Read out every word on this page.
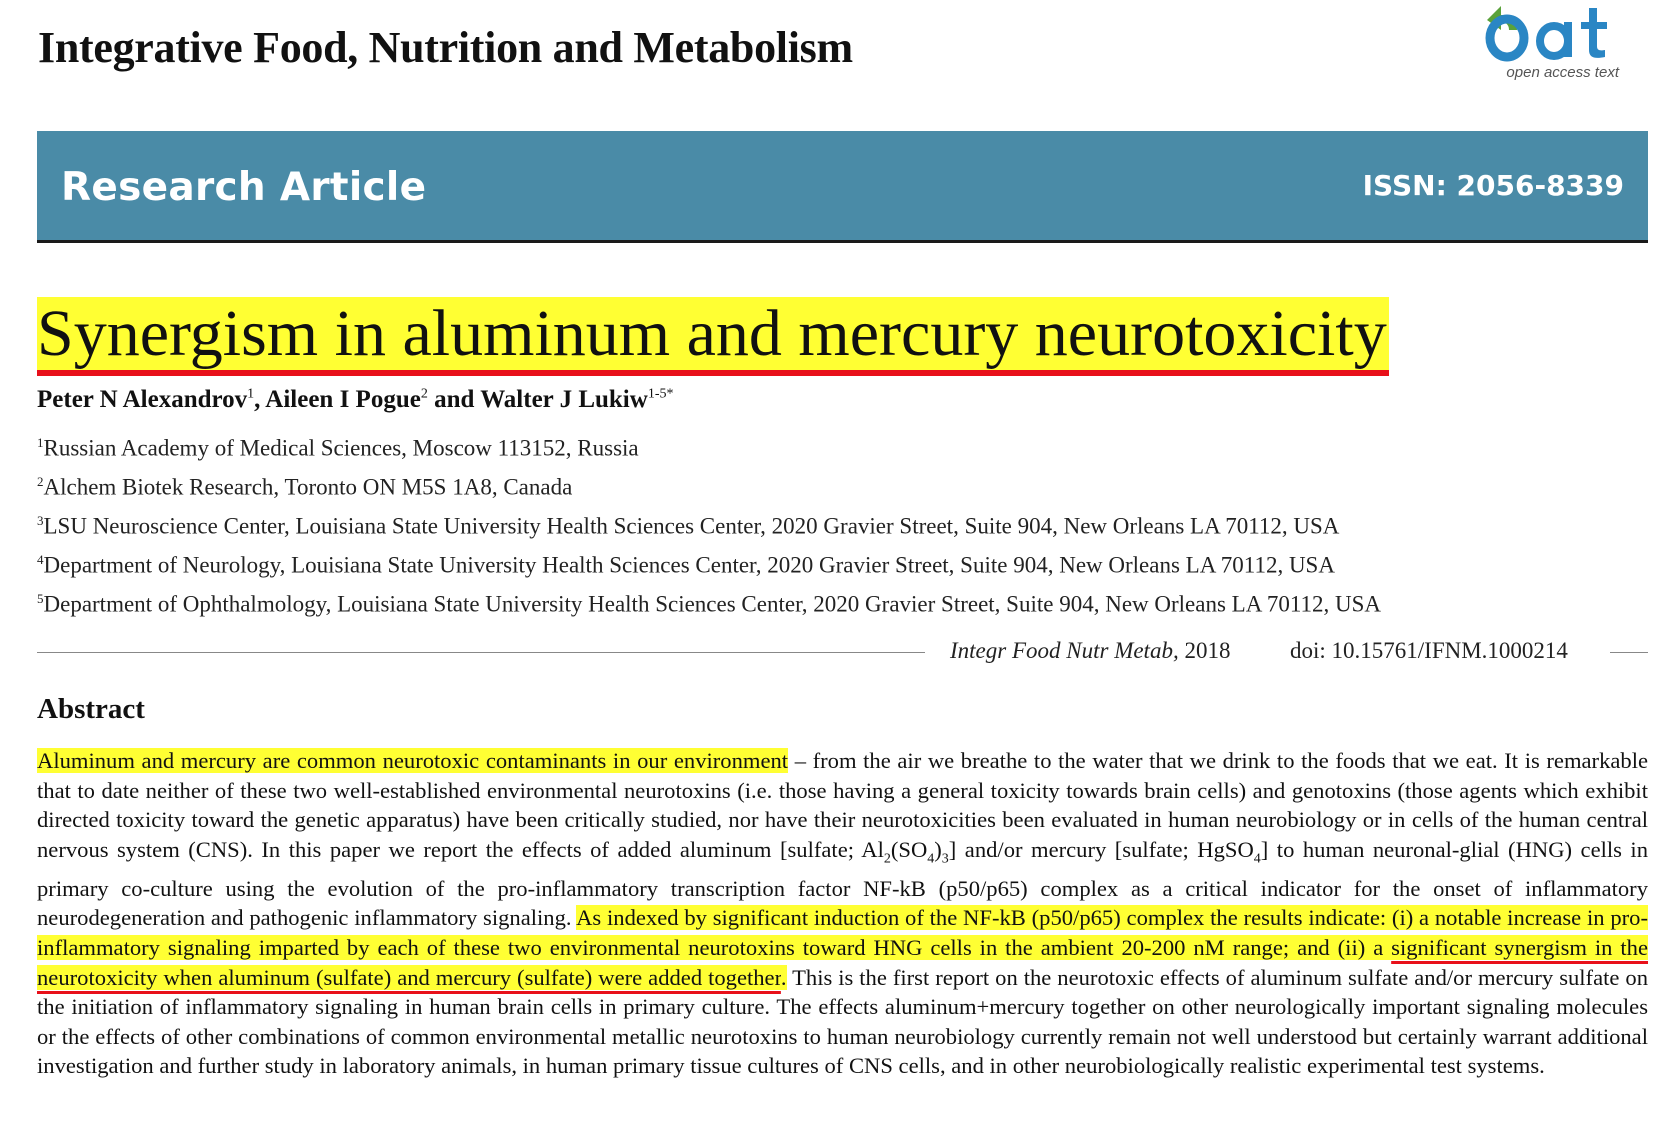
Integrative Food, Nutrition and Metabolism
open access text
Research Article	ISSN: 2056-8339
Synergism in aluminum and mercury neurotoxicity
Peter N Alexandrov$^1$, Aileen I Pogue$^2$ and Walter J Lukiw$^{1-5*}$
$^1$Russian Academy of Medical Sciences, Moscow 113152, Russia
$^2$Alchem Biotek Research, Toronto ON M5S 1A8, Canada
$^3$LSU Neuroscience Center, Louisiana State University Health Sciences Center, 2020 Gravier Street, Suite 904, New Orleans LA 70112, USA
$^4$Department of Neurology, Louisiana State University Health Sciences Center, 2020 Gravier Street, Suite 904, New Orleans LA 70112, USA
$^5$Department of Ophthalmology, Louisiana State University Health Sciences Center, 2020 Gravier Street, Suite 904, New Orleans LA 70112, USA
Integr Food Nutr Metab, 2018	doi: 10.15761/IFNM.1000214
Abstract

Aluminum and mercury are common neurotoxic contaminants in our environment – from the air we breathe to the water that we drink to the foods that we eat. It is remarkable that to date neither of these two well-established environmental neurotoxins (i.e. those having a general toxicity towards brain cells) and genotoxins (those agents which exhibit directed toxicity toward the genetic apparatus) have been critically studied, nor have their neurotoxicities been evaluated in human neurobiology or in cells of the human central nervous system (CNS). In this paper we report the effects of added aluminum [sulfate; $Al_2(SO_4)_3$] and/or mercury [sulfate; HgSO$_4$] to human neuronal-glial (HNG) cells in primary co-culture using the evolution of the pro-inflammatory transcription factor NF-kB (p50/p65) complex as a critical indicator for the onset of inflammatory neurodegeneration and pathogenic inflammatory signaling. As indexed by significant induction of the NF-kB (p50/p65) complex the results indicate: (i) a notable increase in pro-inflammatory signaling imparted by each of these two environmental neurotoxins toward HNG cells in the ambient 20-200 nM range; and (ii) a significant synergism in the neurotoxicity when aluminum (sulfate) and mercury (sulfate) were added together. This is the first report on the neurotoxic effects of aluminum sulfate and/or mercury sulfate on the initiation of inflammatory signaling in human brain cells in primary culture. The effects aluminum+mercury together on other neurologically important signaling molecules or the effects of other combinations of common environmental metallic neurotoxins to human neurobiology currently remain not well understood but certainly warrant additional investigation and further study in laboratory animals, in human primary tissue cultures of CNS cells, and in other neurobiologically realistic experimental test systems.
